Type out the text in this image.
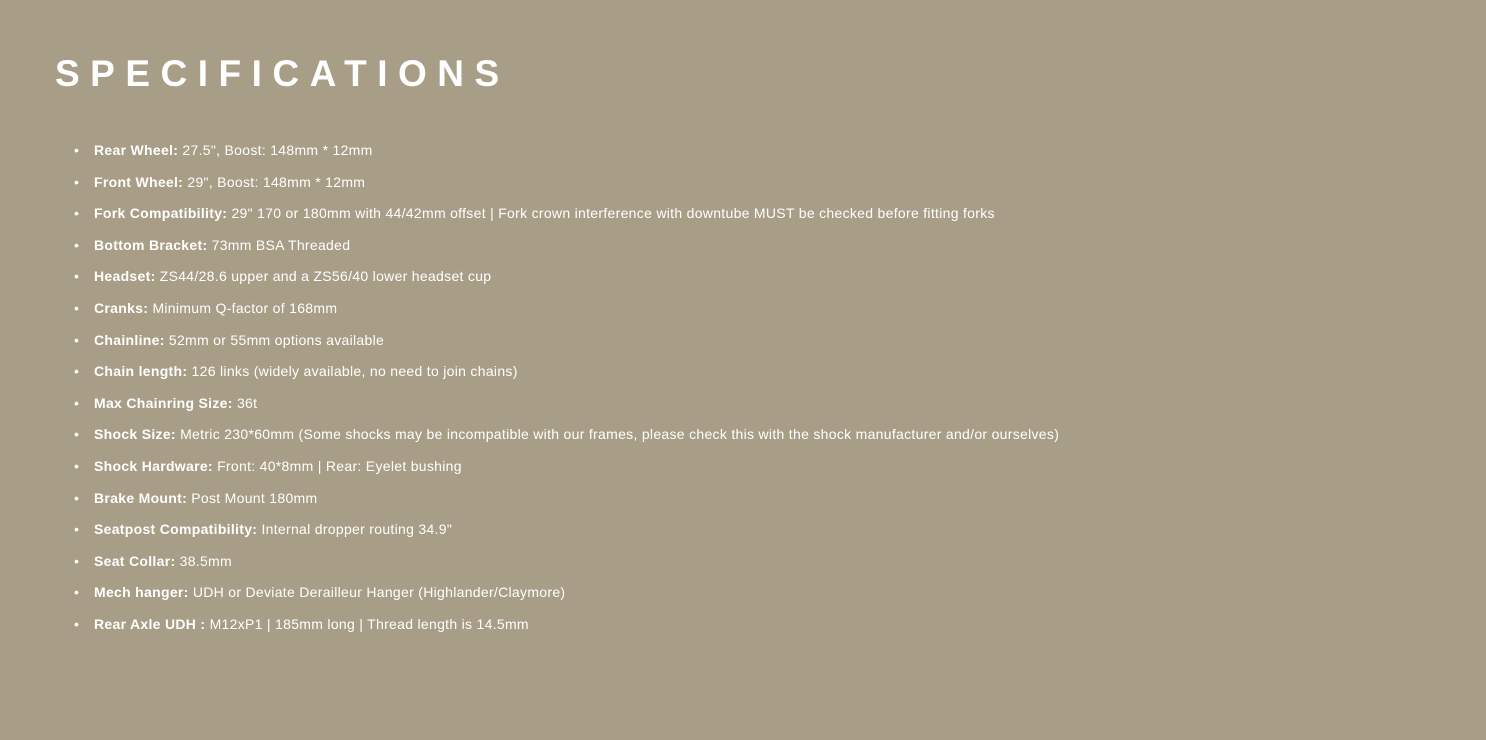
SPECIFICATIONS
• Rear Wheel: 27.5", Boost: 148mm * 12mm
• Front Wheel: 29", Boost: 148mm * 12mm
• Fork Compatibility: 29" 170 or 180mm with 44/42mm offset | Fork crown interference with downtube MUST be checked before fitting forks
• Bottom Bracket: 73mm BSA Threaded
• Headset: ZS44/28.6 upper and a ZS56/40 lower headset cup
• Cranks: Minimum Q-factor of 168mm
• Chainline: 52mm or 55mm options available
• Chain length: 126 links (widely available, no need to join chains)
• Max Chainring Size: 36t
• Shock Size: Metric 230*60mm (Some shocks may be incompatible with our frames, please check this with the shock manufacturer and/or ourselves)
• Shock Hardware: Front: 40*8mm | Rear: Eyelet bushing
• Brake Mount: Post Mount 180mm
• Seatpost Compatibility: Internal dropper routing 34.9"
• Seat Collar: 38.5mm
• Mech hanger: UDH or Deviate Derailleur Hanger (Highlander/Claymore)
• Rear Axle UDH : M12xP1 | 185mm long | Thread length is 14.5mm
